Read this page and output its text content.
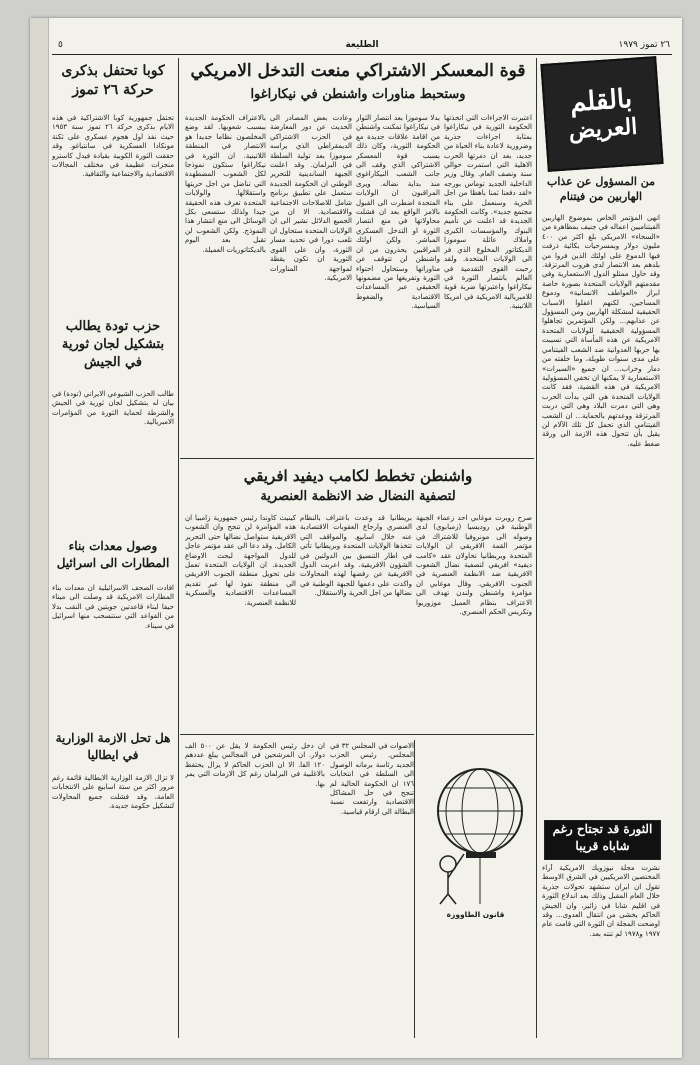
٢٦ تموز ١٩٧٩
الطليعة
٥
بالقلم
العريض
من المسؤول عن عذاب الهاربين من فيتنام
انهى المؤتمر الخاص بموضوع الهاربين الفيتناميين اعماله في جنيف بمظاهرة من «السخاء» الامريكي بلغ اكثر من ٤٠٠ مليون دولار وبمسرحيات بكائية ذرفت فيها الدموع على اولئك الذين فروا من بلدهم بعد الانتصار لدى هروب المرتزقة. وقد حاول ممثلو الدول الاستعمارية وفي مقدمتهم الولايات المتحدة بصورة خاصة ابراز «العواطف الانسانية» ودموع المساجين، لكنهم اغفلوا الاسباب الحقيقية لمشكلة الهاربين ومن المسؤول عن عذابهم... ولكن المؤتمرين تجاهلوا المسؤولية الحقيقية للولايات المتحدة الامريكية عن هذه المأساة التي تسببت بها حربها العدوانية ضد الشعب الفيتنامي على مدى سنوات طويلة، وما خلفته من دمار وخراب... ان جميع «السيرات» الاستعمارية لا يمكنها ان تخفي المسؤولية الامريكية في هذه القضية، فقد كانت الولايات المتحدة هي التي بدأت الحرب وهي التي دمرت البلاد وهي التي دربت المرتزقة ووعدتهم بالحماية... ان الشعب الفيتنامي الذي تحمل كل تلك الآلام لن يقبل بأن تتحول هذه الازمة الى ورقة ضغط عليه.
الثورة قد تجتاح رغم شاباه قريبا
نشرت مجلة نيوزويك الامريكية آراء المختصين الامريكيين في الشرق الاوسط تقول ان ايران ستشهد تحولات جذرية خلال العام المقبل وذلك بعد اندلاع الثورة في اقليم شابا في زائير، وان الجيش الحاكم يخشى من انتقال العدوى... وقد اوضحت المجلة ان الثورة التي قامت عام ١٩٧٧ و١٩٧٨ لم تنته بعد.
قوة المعسكر الاشتراكي منعت التدخل الامريكي
وستحبط مناورات واشنطن في نيكاراغوا
اعتبرت الاجراءات التي اتخذتها الحكومة الثورية في نيكاراغوا بمثابة اجراءات جذرية وضرورية لاعادة بناء الحياة من جديد، بعد ان دمرتها الحرب الاهلية التي استمرت حوالي سنة ونصف العام. وقال وزير الداخلية الجديد توماس بورجه «لقد دفعنا ثمنا باهظا من اجل الحرية وسنعمل على بناء مجتمع جديد». وكانت الحكومة الجديدة قد اعلنت عن تأميم البنوك والمؤسسات الكبرى واملاك عائلة سوموزا الديكتاتور المخلوع الذي فر الى الولايات المتحدة. ولقد رحبت القوى التقدمية في العالم بانتصار الثورة في نيكاراغوا واعتبرتها ضربة قوية للامبريالية الامريكية في امريكا اللاتينية.
بدلا سوموزا بعد انتصار الثوار في نيكاراغوا تمكنت واشنطن من اقامة علاقات جديدة مع الحكومة الثورية، وكان ذلك بسبب قوة المعسكر الاشتراكي الذي وقف الى جانب الشعب النيكاراغوي منذ بداية نضاله. ويرى المراقبون ان الولايات المتحدة اضطرت الى القبول بالامر الواقع بعد ان فشلت محاولاتها في منع انتصار الثورة او التدخل العسكري المباشر. ولكن اولئك المراقبين يحذرون من ان واشنطن لن تتوقف عن مناوراتها وستحاول احتواء الثورة وتفريغها من مضمونها الحقيقي عبر المساعدات الاقتصادية والضغوط السياسية.
وعادت بعض المصادر الى الحديث عن دور المعارضة في الحزب الاشتراكي الديمقراطي الذي يراسه سوموزا بعد تولية السلطة في البرلمان. وقد اعلنت الجبهة الساندينية للتحرير الوطني ان الحكومة الجديدة ستعمل على تطبيق برنامج شامل للاصلاحات الاجتماعية والاقتصادية. الا ان من الجميع الدلائل تشير الى ان الولايات المتحدة ستحاول ان تلعب دورا في تحديد مسار الثورة، وان على القوى الثورية ان تكون يقظة لمواجهة المناورات الامريكية.
بالاعتراف الحكومة الجديدة ببسبب شعوبها. لقد وضع المخلصون نظاما جديدا هو الانتصار في المنطقة اللاتينية. ان الثورة في نيكاراغوا ستكون نموذجا لكل الشعوب المضطهدة التي تناضل من اجل حريتها واستقلالها. والولايات المتحدة تعرف هذه الحقيقة جيدا ولذلك ستسعى بكل الوسائل الى منع انتشار هذا النموذج. ولكن الشعوب لن تقبل بعد اليوم بالديكتاتوريات العميلة.
واشنطن تخطط لكامب ديفيد افريقي
لتصفية النضال ضد الانظمة العنصرية
صرح روبرت موغابي احد زعماء الجبهة الوطنية في روديسيا (زمبابوي) لدى وصوله الى مونروفيا للاشتراك في مؤتمر القمة الافريقي ان الولايات المتحدة وبريطانيا تحاولان عقد «كامب ديفيد» افريقي لتصفية نضال الشعوب الافريقية ضد الانظمة العنصرية في الجنوب الافريقي. وقال موغابي ان مؤامرة واشنطن ولندن تهدف الى الاعتراف بنظام العميل موزوريوا وتكريس الحكم العنصري.
بريطانيا قد وعدت باعتراف بالنظام العنصري وارجاع العقوبات الاقتصادية عنه خلال اسابيع. والمواقف التي تتخذها الولايات المتحدة وبريطانيا تأتي في اطار التنسيق بين الدولتين في الشؤون الافريقية. وقد اعربت الدول الافريقية عن رفضها لهذه المحاولات واكدت على دعمها للجبهة الوطنية في نضالها من اجل الحرية والاستقلال.
كينيث كاوندا رئيس جمهورية زامبيا ان هذه المؤامرة لن تنجح وان الشعوب الافريقية ستواصل نضالها حتى التحرير الكامل. وقد دعا الى عقد مؤتمر عاجل للدول المواجهة لبحث الاوضاع الجديدة. ان الولايات المتحدة تعمل على تحويل منطقة الجنوب الافريقي الى منطقة نفوذ لها عبر تقديم المساعدات الاقتصادية والعسكرية للانظمة العنصرية.
قانون الطاووزة
الاصوات في المجلس ٣٢ في المجلس. رئيس الحزب الجديد رئاسة برمانه الوصول الى السلطة في انتخابات ١٧٦ ان الحكومة الحالية لم تنجح في حل المشاكل الاقتصادية وارتفعت نسبة البطالة الى ارقام قياسية.
ان دخل رئيس الحكومة لا يقل عن ٥٠٠ الف دولار. ان المرشحين في المجالس يبلغ عددهم ١٢٠ الفا. الا ان الحزب الحاكم لا يزال يحتفظ بالاغلبية في البرلمان رغم كل الازمات التي يمر بها.
كوبا تحتفل بذكرى حركة ٢٦ تموز
تحتفل جمهورية كوبا الاشتراكية في هذه الايام بذكرى حركة ٢٦ تموز سنة ١٩٥٣ حيث نفذ اول هجوم عسكري على ثكنة مونكادا العسكرية في سانتياغو. وقد حققت الثورة الكوبية بقيادة فيدل كاسترو منجزات عظيمة في مختلف المجالات الاقتصادية والاجتماعية والثقافية.
حزب تودة يطالب بتشكيل لجان ثورية في الجيش
طالب الحزب الشيوعي الايراني (تودة) في بيان له بتشكيل لجان ثورية في الجيش والشرطة لحماية الثورة من المؤامرات الامبريالية.
وصول معدات بناء المطارات الى اسرائيل
افادت الصحف الاسرائيلية ان معدات بناء المطارات الامريكية قد وصلت الى ميناء حيفا لبناء قاعدتين جويتين في النقب بدلا من القواعد التي ستنسحب منها اسرائيل في سيناء.
هل تحل الازمة الوزارية في ايطاليا
لا تزال الازمة الوزارية الايطالية قائمة رغم مرور اكثر من ستة اسابيع على الانتخابات العامة، وقد فشلت جميع المحاولات لتشكيل حكومة جديدة.
